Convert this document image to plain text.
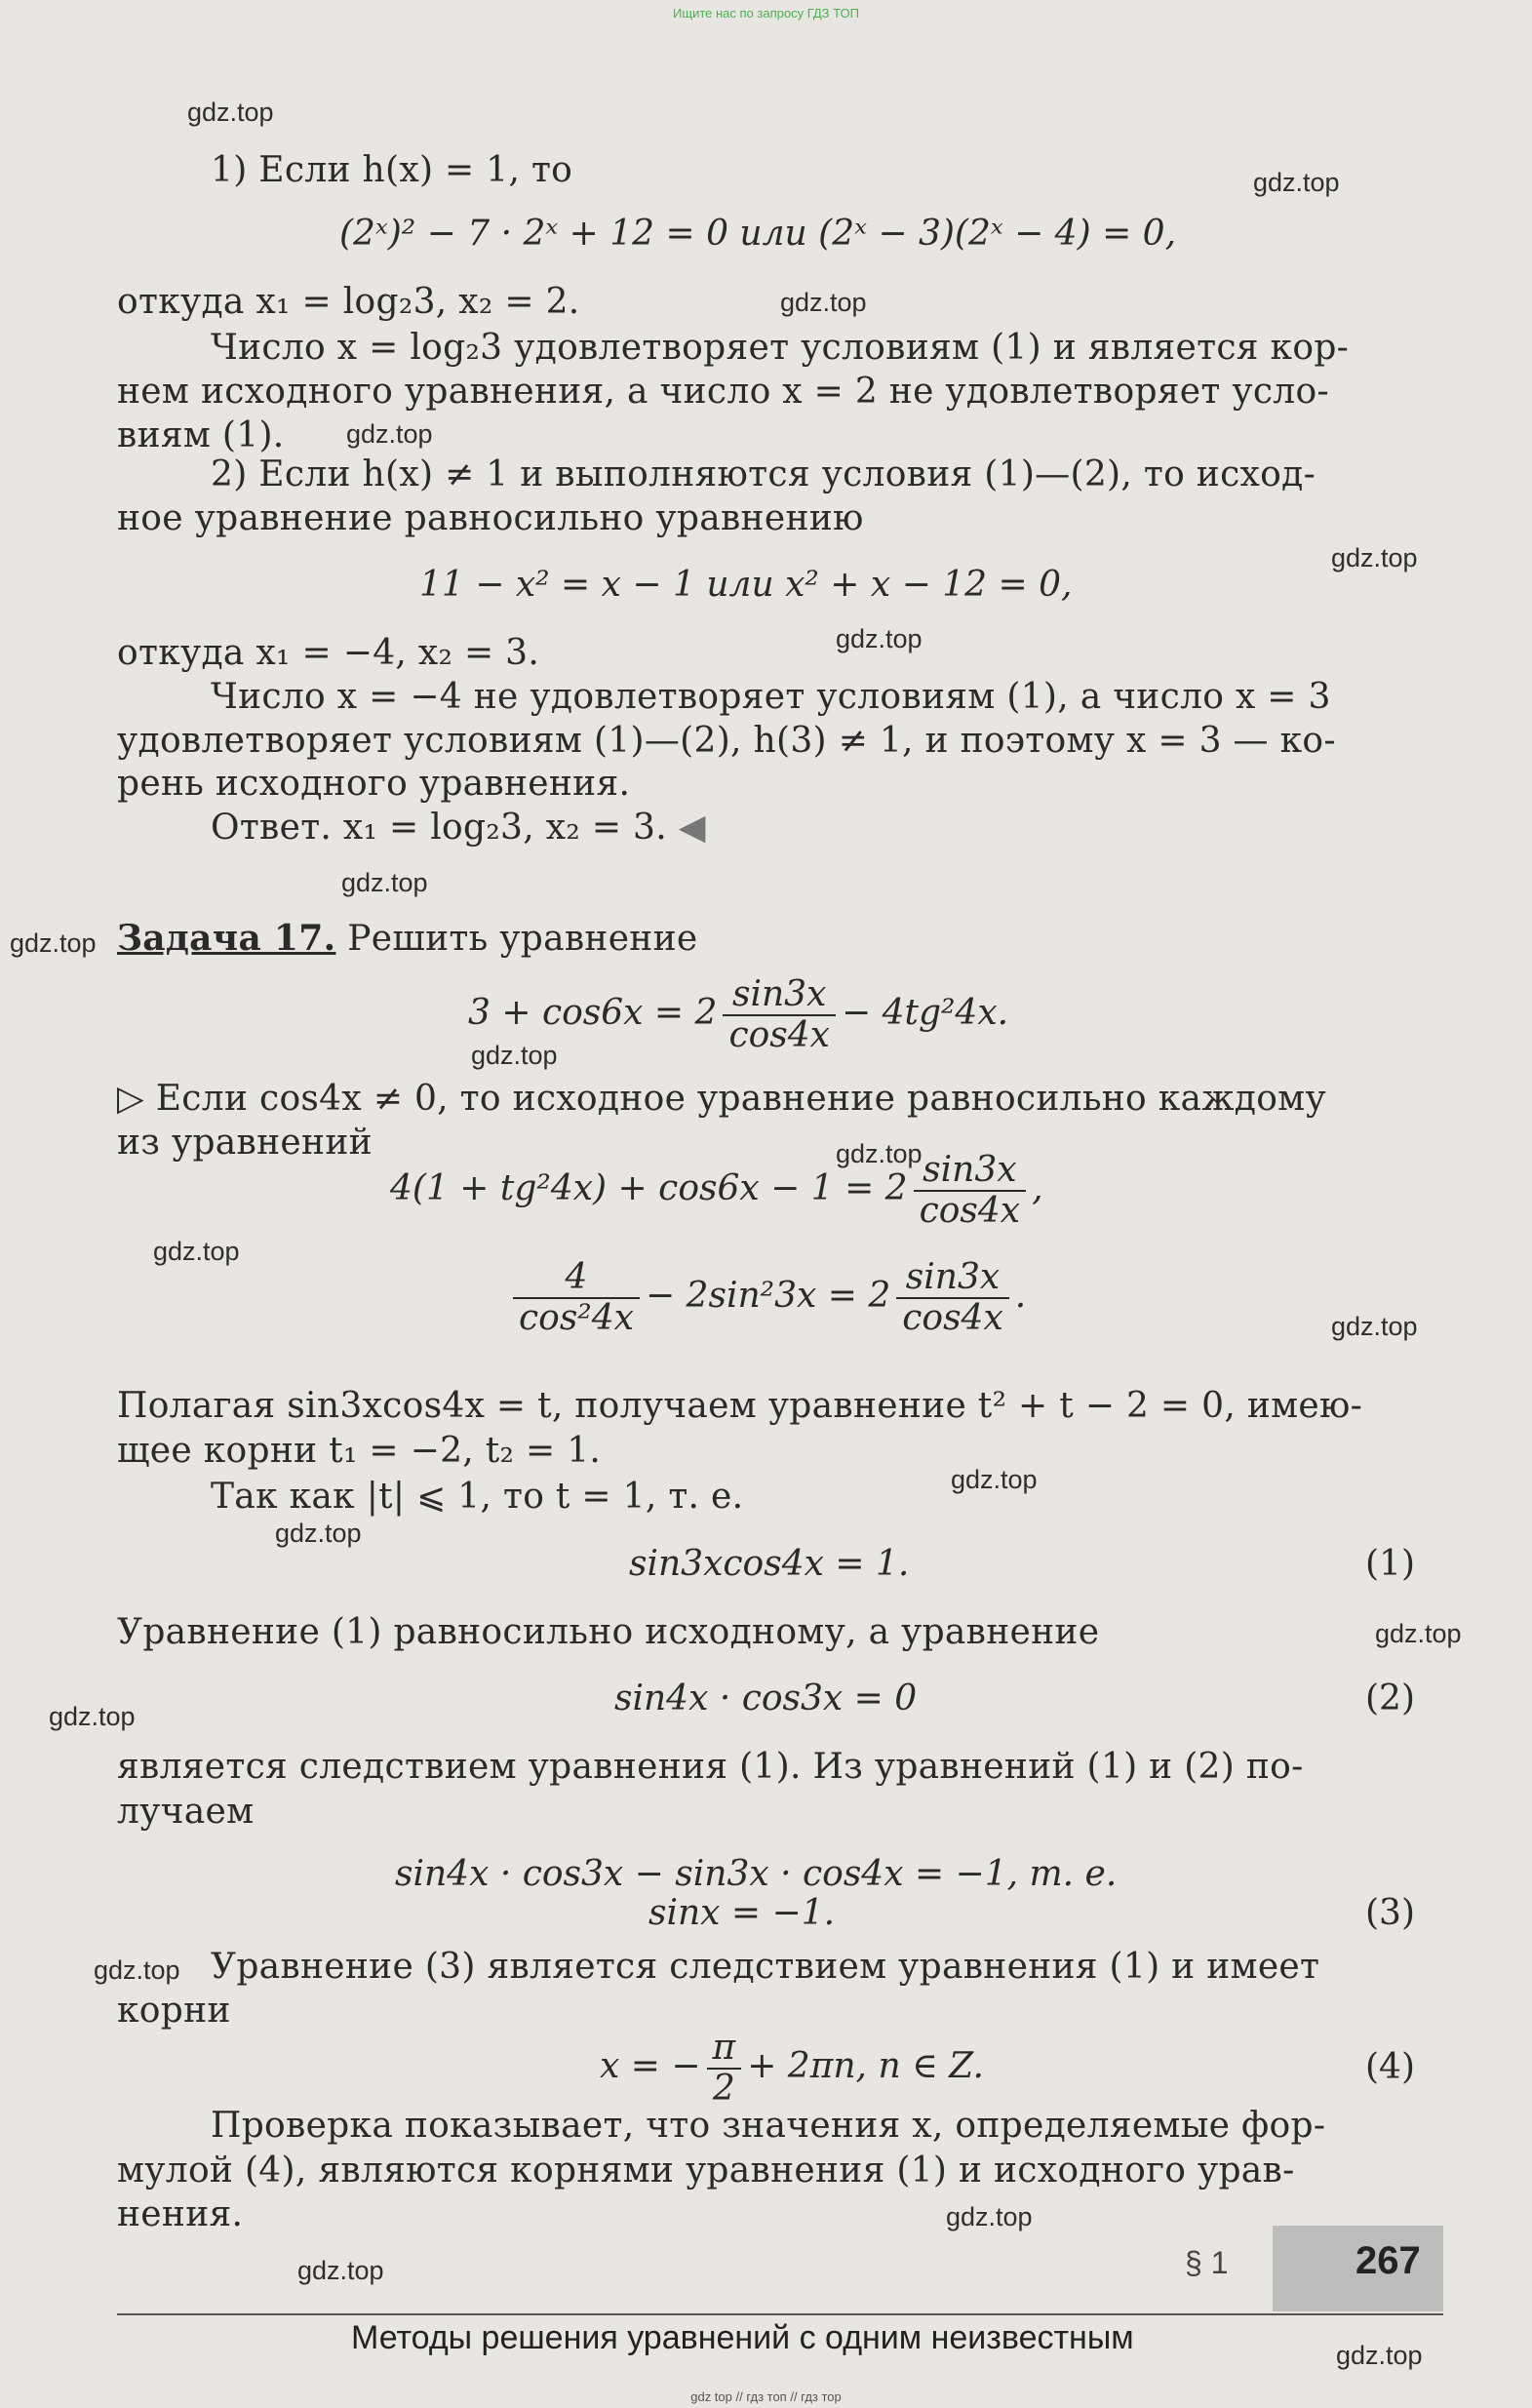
Ищите нас по запросу ГДЗ ТОП
gdz.top
gdz.top
gdz.top
gdz.top
gdz.top
gdz.top
gdz.top
gdz.top
gdz.top
gdz.top
gdz.top
gdz.top
gdz.top
gdz.top
gdz.top
gdz.top
gdz.top
gdz.top
gdz.top
gdz.top
1) Если h(x) = 1, то
(2ˣ)² − 7 · 2ˣ + 12 = 0 или (2ˣ − 3)(2ˣ − 4) = 0,
откуда x₁ = log₂3, x₂ = 2.
Число x = log₂3 удовлетворяет условиям (1) и является кор-
нем исходного уравнения, а число x = 2 не удовлетворяет усло-
виям (1).
2) Если h(x) ≠ 1 и выполняются условия (1)—(2), то исход-
ное уравнение равносильно уравнению
11 − x² = x − 1 или x² + x − 12 = 0,
откуда x₁ = −4, x₂ = 3.
Число x = −4 не удовлетворяет условиям (1), а число x = 3
удовлетворяет условиям (1)—(2), h(3) ≠ 1, и поэтому x = 3 — ко-
рень исходного уравнения.
Ответ. x₁ = log₂3, x₂ = 3. ◀
Задача 17. Решить уравнение
$3 + \cos 6x = 2 \frac{\sin 3x}{\cos 4x} - 4tg^24x$.
▷ Если cos4x ≠ 0, то исходное уравнение равносильно каждому
из уравнений
$4(1 + tg^24x) + \cos 6x - 1 = 2 \frac{\sin 3x}{\cos 4x}$ ,
$\frac{4}{\text{cos²4x}} - 2\sin^23x = 2 \frac{\sin 3x}{\cos 4x}$ .
Полагая sin3xcos4x = t, получаем уравнение t² + t − 2 = 0, имею-
щее корни t₁ = −2, t₂ = 1.
Так как |t| ⩽ 1, то t = 1, т. е.
sin3xcos4x = 1.	(1)
Уравнение (1) равносильно исходному, а уравнение
sin4x · cos3x = 0	(2)
является следствием уравнения (1). Из уравнений (1) и (2) по-
лучаем
sin4x · cos3x − sin3x · cos4x = −1, т. е.
sinx = −1.	(3)
Уравнение (3) является следствием уравнения (1) и имеет
корни
x = − $\frac{\pi}{2} + 2\pi n$, n ∈ Z.	(4)
Проверка показывает, что значения x, определяемые фор-
мулой (4), являются корнями уравнения (1) и исходного урав-
нения.
§ 1	267
Методы решения уравнений с одним неизвестным
gdz top // гдз топ // гдз тор
